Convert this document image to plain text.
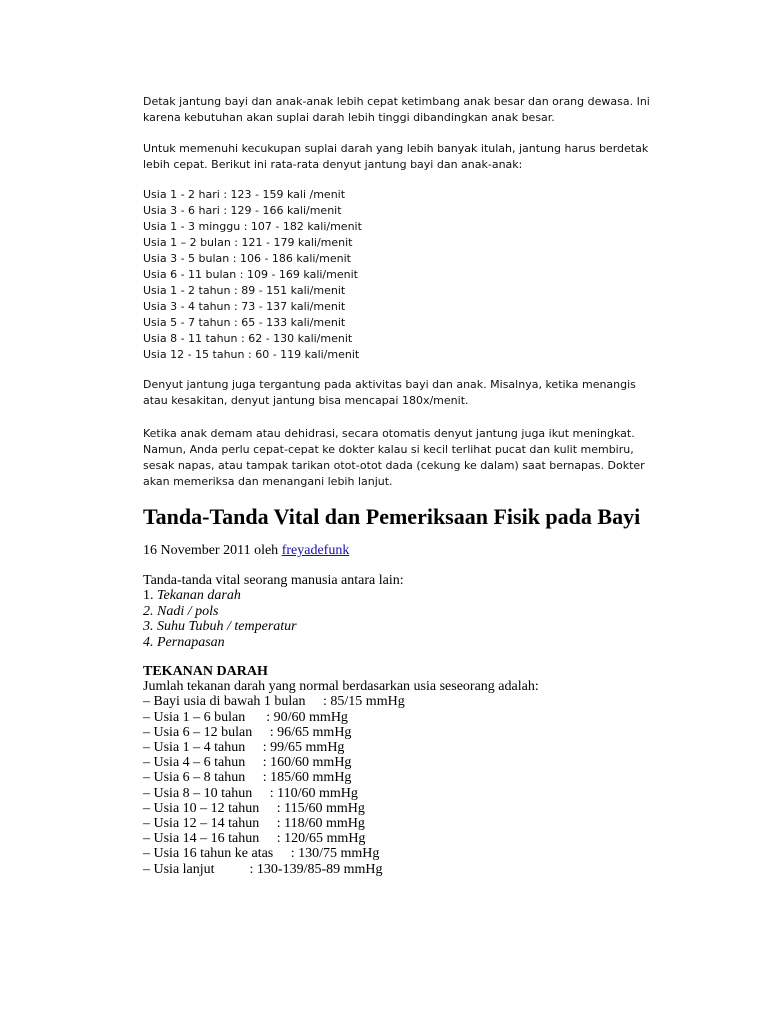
Detak jantung bayi dan anak-anak lebih cepat ketimbang anak besar dan orang dewasa. Ini

karena kebutuhan akan suplai darah lebih tinggi dibandingkan anak besar.

Untuk memenuhi kecukupan suplai darah yang lebih banyak itulah, jantung harus berdetak

lebih cepat. Berikut ini rata-rata denyut jantung bayi dan anak-anak:

Usia 1 - 2 hari : 123 - 159 kali /menit

Usia 3 - 6 hari : 129 - 166 kali/menit

Usia 1 - 3 minggu : 107 - 182 kali/menit

Usia 1 – 2 bulan : 121 - 179 kali/menit

Usia 3 - 5 bulan : 106 - 186 kali/menit

Usia 6 - 11 bulan : 109 - 169 kali/menit

Usia 1 - 2 tahun : 89 - 151 kali/menit

Usia 3 - 4 tahun : 73 - 137 kali/menit

Usia 5 - 7 tahun : 65 - 133 kali/menit

Usia 8 - 11 tahun : 62 - 130 kali/menit

Usia 12 - 15 tahun : 60 - 119 kali/menit

Denyut jantung juga tergantung pada aktivitas bayi dan anak. Misalnya, ketika menangis

atau kesakitan, denyut jantung bisa mencapai 180x/menit.

Ketika anak demam atau dehidrasi, secara otomatis denyut jantung juga ikut meningkat.

Namun, Anda perlu cepat-cepat ke dokter kalau si kecil terlihat pucat dan kulit membiru,

sesak napas, atau tampak tarikan otot-otot dada (cekung ke dalam) saat bernapas. Dokter

akan memeriksa dan menangani lebih lanjut.

Tanda-Tanda Vital dan Pemeriksaan Fisik pada Bayi
16 November 2011 oleh freyadefunk

Tanda-tanda vital seorang manusia antara lain:

1. Tekanan darah

2. Nadi / pols

3. Suhu Tubuh / temperatur

4. Pernapasan

TEKANAN DARAH

Jumlah tekanan darah yang normal berdasarkan usia seseorang adalah:

– Bayi usia di bawah 1 bulan     : 85/15 mmHg

– Usia 1 – 6 bulan      : 90/60 mmHg

– Usia 6 – 12 bulan     : 96/65 mmHg

– Usia 1 – 4 tahun     : 99/65 mmHg

– Usia 4 – 6 tahun     : 160/60 mmHg

– Usia 6 – 8 tahun     : 185/60 mmHg

– Usia 8 – 10 tahun     : 110/60 mmHg

– Usia 10 – 12 tahun     : 115/60 mmHg

– Usia 12 – 14 tahun     : 118/60 mmHg

– Usia 14 – 16 tahun     : 120/65 mmHg

– Usia 16 tahun ke atas     : 130/75 mmHg

– Usia lanjut          : 130-139/85-89 mmHg
